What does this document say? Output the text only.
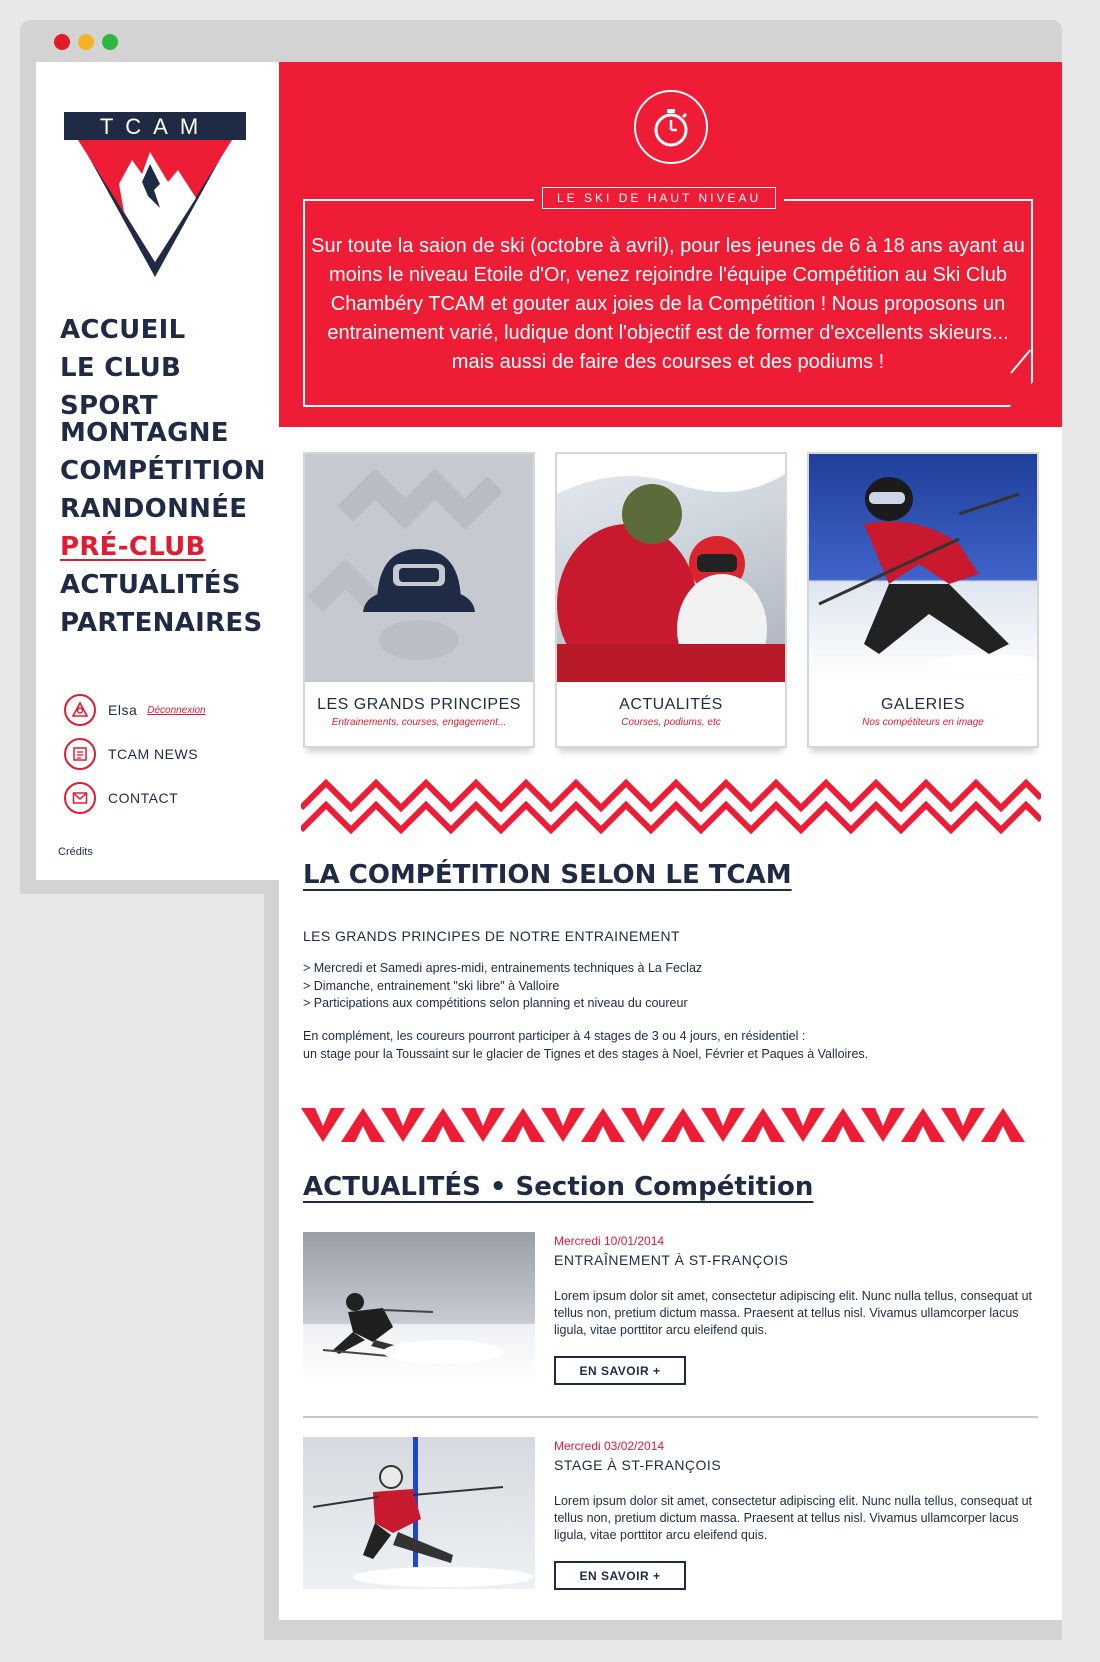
TCAM
ACCUEIL
LE CLUB
SPORT MONTAGNE
COMPÉTITION
RANDONNÉE
PRÉ-CLUB
ACTUALITÉS
PARTENAIRES
Elsa Déconnexion
TCAM NEWS
CONTACT
Crédits
LE SKI DE HAUT NIVEAU

Sur toute la saion de ski (octobre à avril), pour les jeunes de 6 à 18 ans ayant au moins le niveau Etoile d'Or, venez rejoindre l'équipe Compétition au Ski Club Chambéry TCAM et gouter aux joies de la Compétition ! Nous proposons un entrainement varié, ludique dont l'objectif est de former d'excellents skieurs... mais aussi de faire des courses et des podiums !

LES GRANDS PRINCIPES
Entrainements, courses, engagement...
ACTUALITÉS
Courses, podiums, etc
GALERIES
Nos compétiteurs en image
LA COMPÉTITION SELON LE TCAM
LES GRANDS PRINCIPES DE NOTRE ENTRAINEMENT
> Mercredi et Samedi apres-midi, entrainements techniques à La Feclaz
> Dimanche, entrainement "ski libre" à Valloire
> Participations aux compétitions selon planning et niveau du coureur
En complément, les coureurs pourront participer à 4 stages de 3 ou 4 jours, en résidentiel :
un stage pour la Toussaint sur le glacier de Tignes et des stages à Noel, Février et Paques à Valloires.
ACTUALITÉS • Section Compétition
Mercredi 10/01/2014
ENTRAÎNEMENT À ST-FRANÇOIS

Lorem ipsum dolor sit amet, consectetur adipiscing elit. Nunc nulla tellus, consequat ut tellus non, pretium dictum massa. Praesent at tellus nisl. Vivamus ullamcorper lacus ligula, vitae porttitor arcu eleifend quis.

EN SAVOIR +
Mercredi 03/02/2014
STAGE À ST-FRANÇOIS

Lorem ipsum dolor sit amet, consectetur adipiscing elit. Nunc nulla tellus, consequat ut tellus non, pretium dictum massa. Praesent at tellus nisl. Vivamus ullamcorper lacus ligula, vitae porttitor arcu eleifend quis.

EN SAVOIR +
